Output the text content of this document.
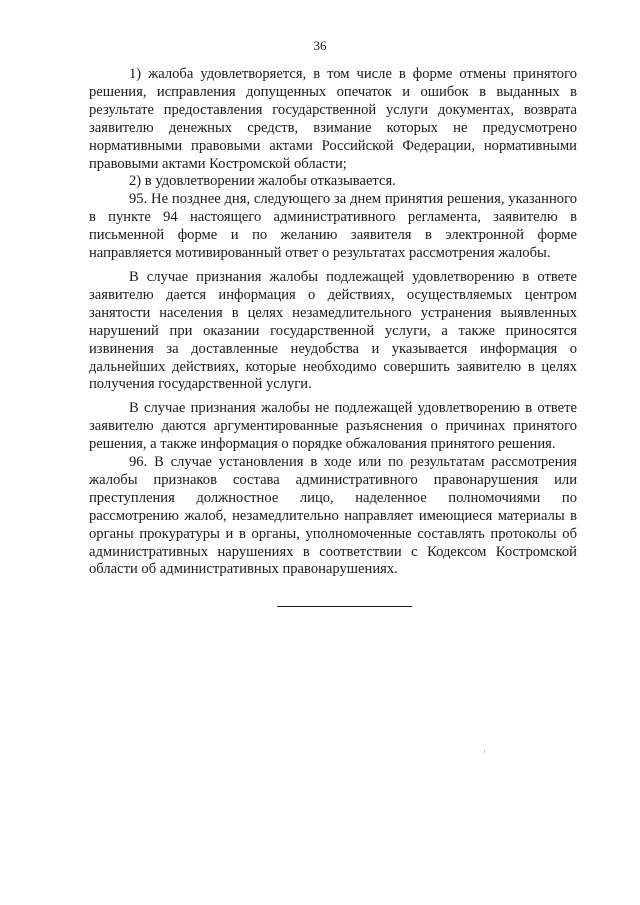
36

1) жалоба удовлетворяется, в том числе в форме отмены принятого решения, исправления допущенных опечаток и ошибок в выданных в результате предоставления государственной услуги документах, возврата заявителю денежных средств, взимание которых не предусмотрено нормативными правовыми актами Российской Федерации, нормативными правовыми актами Костромской области;

2) в удовлетворении жалобы отказывается.

95. Не позднее дня, следующего за днем принятия решения, указанного в пункте 94 настоящего административного регламента, заявителю в письменной форме и по желанию заявителя в электронной форме направляется мотивированный ответ о результатах рассмотрения жалобы.

В случае признания жалобы подлежащей удовлетворению в ответе заявителю дается информация о действиях, осуществляемых центром занятости населения в целях незамедлительного устранения выявленных нарушений при оказании государственной услуги, а также приносятся извинения за доставленные неудобства и указывается информация о дальнейших действиях, которые необходимо совершить заявителю в целях получения государственной услуги.

В случае признания жалобы не подлежащей удовлетворению в ответе заявителю даются аргументированные разъяснения о причинах принятого решения, а также информация о порядке обжалования принятого решения.

96. В случае установления в ходе или по результатам рассмотрения жалобы признаков состава административного правонарушения или преступления должностное лицо, наделенное полномочиями по рассмотрению жалоб, незамедлительно направляет имеющиеся материалы в органы прокуратуры и в органы, уполномоченные составлять протоколы об административных нарушениях в соответствии с Кодексом Костромской области об административных правонарушениях.
